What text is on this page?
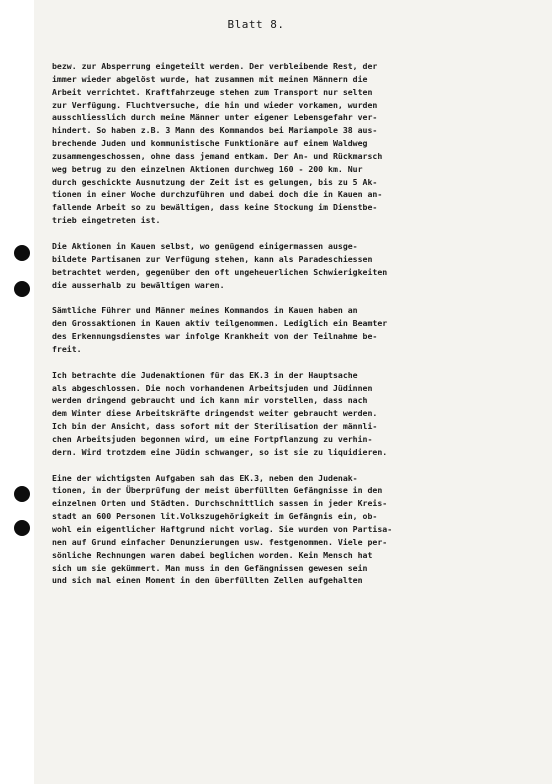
Blatt 8.
bezw. zur Absperrung eingeteilt werden. Der verbleibende Rest, der
immer wieder abgelöst wurde, hat zusammen mit meinen Männern die
Arbeit verrichtet. Kraftfahrzeuge stehen zum Transport nur selten
zur Verfügung. Fluchtversuche, die hin und wieder vorkamen, wurden
ausschliesslich durch meine Männer unter eigener Lebensgefahr ver-
hindert. So haben z.B. 3 Mann des Kommandos bei Mariampole 38 aus-
brechende Juden und kommunistische Funktionäre auf einem Waldweg
zusammengeschossen, ohne dass jemand entkam. Der An- und Rückmarsch
weg betrug zu den einzelnen Aktionen durchweg 160 - 200 km. Nur
durch geschickte Ausnutzung der Zeit ist es gelungen, bis zu 5 Ak-
tionen in einer Woche durchzuführen und dabei doch die in Kauen an-
fallende Arbeit so zu bewältigen, dass keine Stockung im Dienstbe-
trieb eingetreten ist.
Die Aktionen in Kauen selbst, wo genügend einigermassen ausge-
bildete Partisanen zur Verfügung stehen, kann als Paradeschiessen
betrachtet werden, gegenüber den oft ungeheuerlichen Schwierigkeiten
die ausserhalb zu bewältigen waren.
Sämtliche Führer und Männer meines Kommandos in Kauen haben an
den Grossaktionen in Kauen aktiv teilgenommen. Lediglich ein Beamter
des Erkennungsdienstes war infolge Krankheit von der Teilnahme be-
freit.
Ich betrachte die Judenaktionen für das EK.3 in der Hauptsache
als abgeschlossen. Die noch vorhandenen Arbeitsjuden und Jüdinnen
werden dringend gebraucht und ich kann mir vorstellen, dass nach
dem Winter diese Arbeitskräfte dringendst weiter gebraucht werden.
Ich bin der Ansicht, dass sofort mit der Sterilisation der männli-
chen Arbeitsjuden begonnen wird, um eine Fortpflanzung zu verhin-
dern. Wird trotzdem eine Jüdin schwanger, so ist sie zu liquidieren.
Eine der wichtigsten Aufgaben sah das EK.3, neben den Judenak-
tionen, in der Überprüfung der meist überfüllten Gefängnisse in den
einzelnen Orten und Städten. Durchschnittlich sassen in jeder Kreis-
stadt an 600 Personen lit.Volkszugehörigkeit im Gefängnis ein, ob-
wohl ein eigentlicher Haftgrund nicht vorlag. Sie wurden von Partisa-
nen auf Grund einfacher Denunzierungen usw. festgenommen. Viele per-
sönliche Rechnungen waren dabei beglichen worden. Kein Mensch hat
sich um sie gekümmert. Man muss in den Gefängnissen gewesen sein
und sich mal einen Moment in den überfüllten Zellen aufgehalten
